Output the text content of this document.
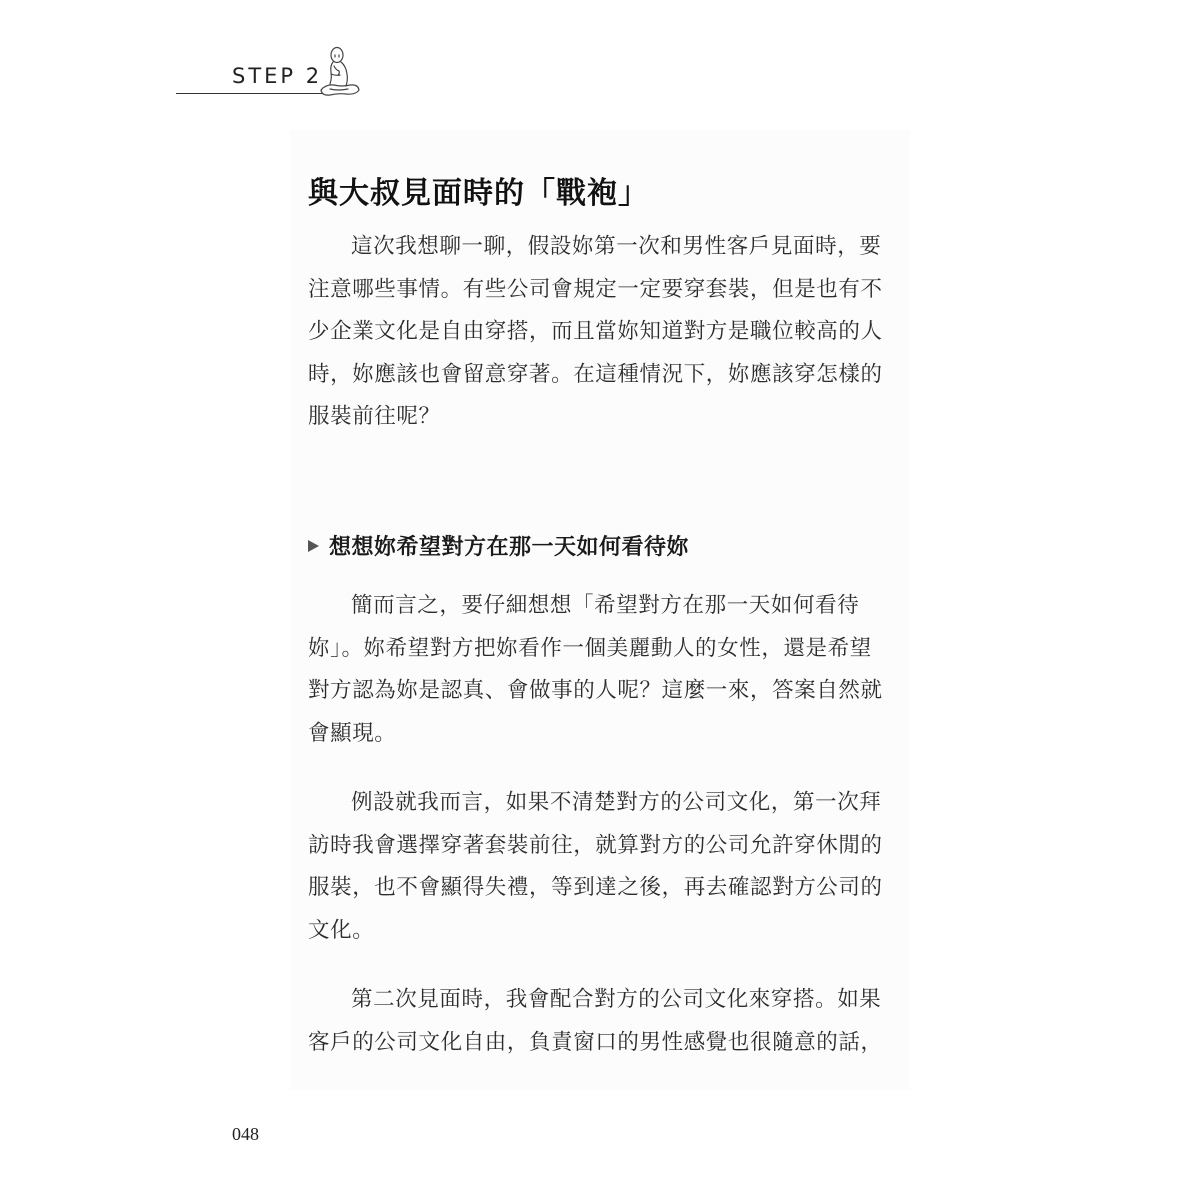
STEP 2
與大叔見面時的「戰袍」
這次我想聊一聊，假設妳第一次和男性客戶見面時，要
注意哪些事情。有些公司會規定一定要穿套裝，但是也有不
少企業文化是自由穿搭，而且當妳知道對方是職位較高的人
時，妳應該也會留意穿著。在這種情況下，妳應該穿怎樣的
服裝前往呢？
想想妳希望對方在那一天如何看待妳
簡而言之，要仔細想想「希望對方在那一天如何看待
妳」。妳希望對方把妳看作一個美麗動人的女性，還是希望
對方認為妳是認真、會做事的人呢？這麼一來，答案自然就
會顯現。
例設就我而言，如果不清楚對方的公司文化，第一次拜
訪時我會選擇穿著套裝前往，就算對方的公司允許穿休閒的
服裝，也不會顯得失禮，等到達之後，再去確認對方公司的
文化。
第二次見面時，我會配合對方的公司文化來穿搭。如果
客戶的公司文化自由，負責窗口的男性感覺也很隨意的話，
048
